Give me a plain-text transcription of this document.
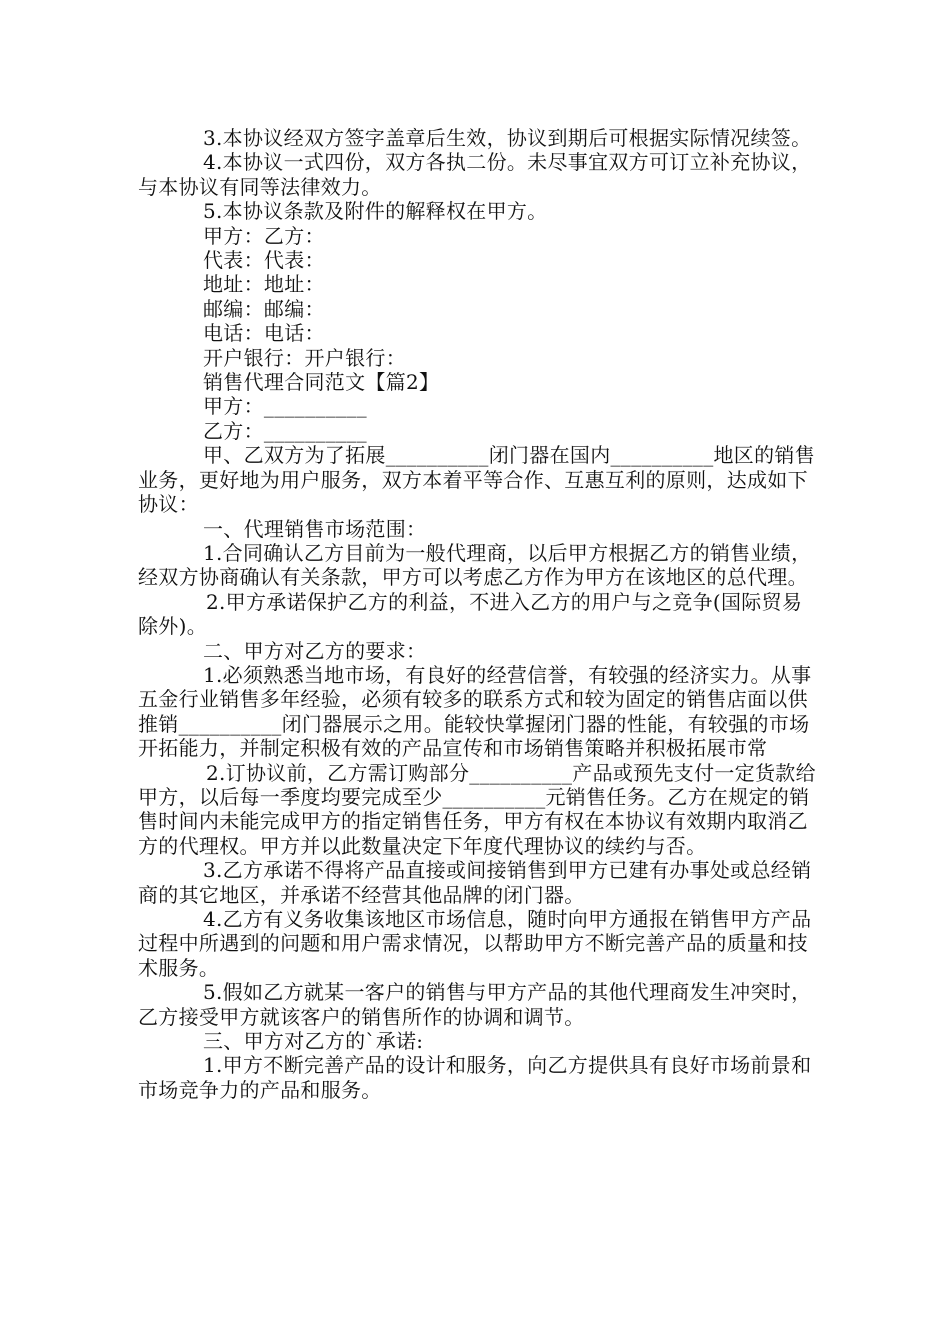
3.本协议经双方签字盖章后生效，协议到期后可根据实际情况续签。

4.本协议一式四份，双方各执二份。未尽事宜双方可订立补充协议，与本协议有同等法律效力。

5.本协议条款及附件的解释权在甲方。

甲方：乙方：

代表：代表：

地址：地址：

邮编：邮编：

电话：电话：

开户银行：开户银行：

销售代理合同范文【篇2】

甲方：__________

乙方：__________

甲、乙双方为了拓展__________闭门器在国内__________地区的销售业务，更好地为用户服务，双方本着平等合作、互惠互利的原则，达成如下协议：

一、代理销售市场范围：

1.合同确认乙方目前为一般代理商，以后甲方根据乙方的销售业绩，经双方协商确认有关条款，甲方可以考虑乙方作为甲方在该地区的总代理。

2.甲方承诺保护乙方的利益，不进入乙方的用户与之竞争(国际贸易除外)。

二、甲方对乙方的要求：

1.必须熟悉当地市场，有良好的经营信誉，有较强的经济实力。从事五金行业销售多年经验，必须有较多的联系方式和较为固定的销售店面以供推销__________闭门器展示之用。能较快掌握闭门器的性能，有较强的市场开拓能力，并制定积极有效的产品宣传和市场销售策略并积极拓展市常

2.订协议前，乙方需订购部分__________产品或预先支付一定货款给甲方，以后每一季度均要完成至少__________元销售任务。乙方在规定的销售时间内未能完成甲方的指定销售任务，甲方有权在本协议有效期内取消乙方的代理权。甲方并以此数量决定下年度代理协议的续约与否。

3.乙方承诺不得将产品直接或间接销售到甲方已建有办事处或总经销商的其它地区，并承诺不经营其他品牌的闭门器。

4.乙方有义务收集该地区市场信息，随时向甲方通报在销售甲方产品过程中所遇到的问题和用户需求情况，以帮助甲方不断完善产品的质量和技术服务。

5.假如乙方就某一客户的销售与甲方产品的其他代理商发生冲突时，乙方接受甲方就该客户的销售所作的协调和调节。

三、甲方对乙方的`承诺:

1.甲方不断完善产品的设计和服务，向乙方提供具有良好市场前景和市场竞争力的产品和服务。
